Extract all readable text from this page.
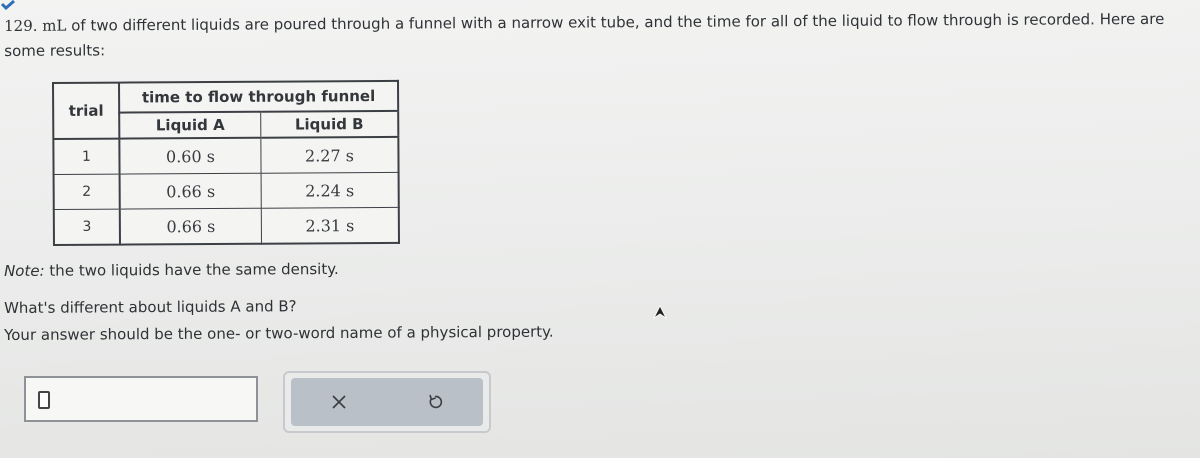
129. mL of two different liquids are poured through a funnel with a narrow exit tube, and the time for all of the liquid to flow through is recorded. Here are some results:
trial	time to flow through funnel	
	Liquid A	Liquid B
1	0.60 s	2.27 s
2	0.66 s	2.24 s
3	0.66 s	2.31 s
Note: the two liquids have the same density.
What's different about liquids A and B?
Your answer should be the one- or two-word name of a physical property.
